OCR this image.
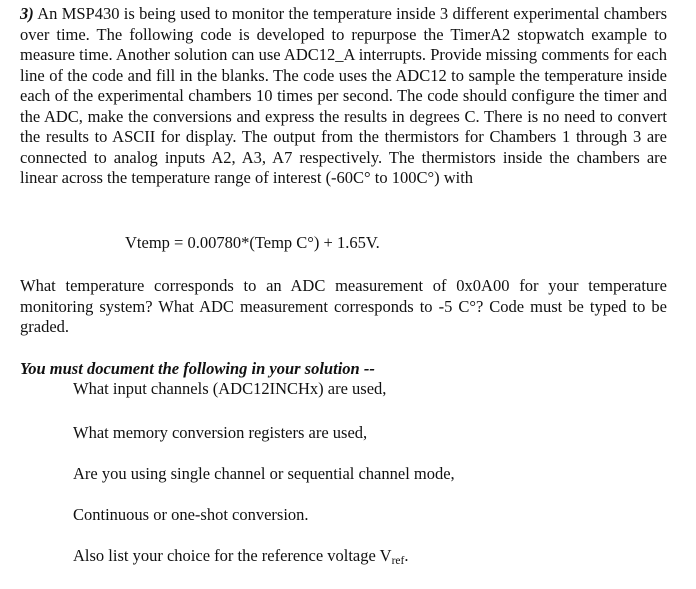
3) An MSP430 is being used to monitor the temperature inside 3 different experimental chambers over time. The following code is developed to repurpose the TimerA2 stopwatch example to measure time. Another solution can use ADC12_A interrupts. Provide missing comments for each line of the code and fill in the blanks. The code uses the ADC12 to sample the temperature inside each of the experimental chambers 10 times per second. The code should configure the timer and the ADC, make the conversions and express the results in degrees C. There is no need to convert the results to ASCII for display. The output from the thermistors for Chambers 1 through 3 are connected to analog inputs A2, A3, A7 respectively. The thermistors inside the chambers are linear across the temperature range of interest (-60C° to 100C°) with

Vtemp = 0.00780*(Temp C°) + 1.65V.

What temperature corresponds to an ADC measurement of 0x0A00 for your temperature monitoring system? What ADC measurement corresponds to -5 C°? Code must be typed to be graded.

You must document the following in your solution --

What input channels (ADC12INCHx) are used,

What memory conversion registers are used,

Are you using single channel or sequential channel mode,

Continuous or one-shot conversion.

Also list your choice for the reference voltage Vref.
